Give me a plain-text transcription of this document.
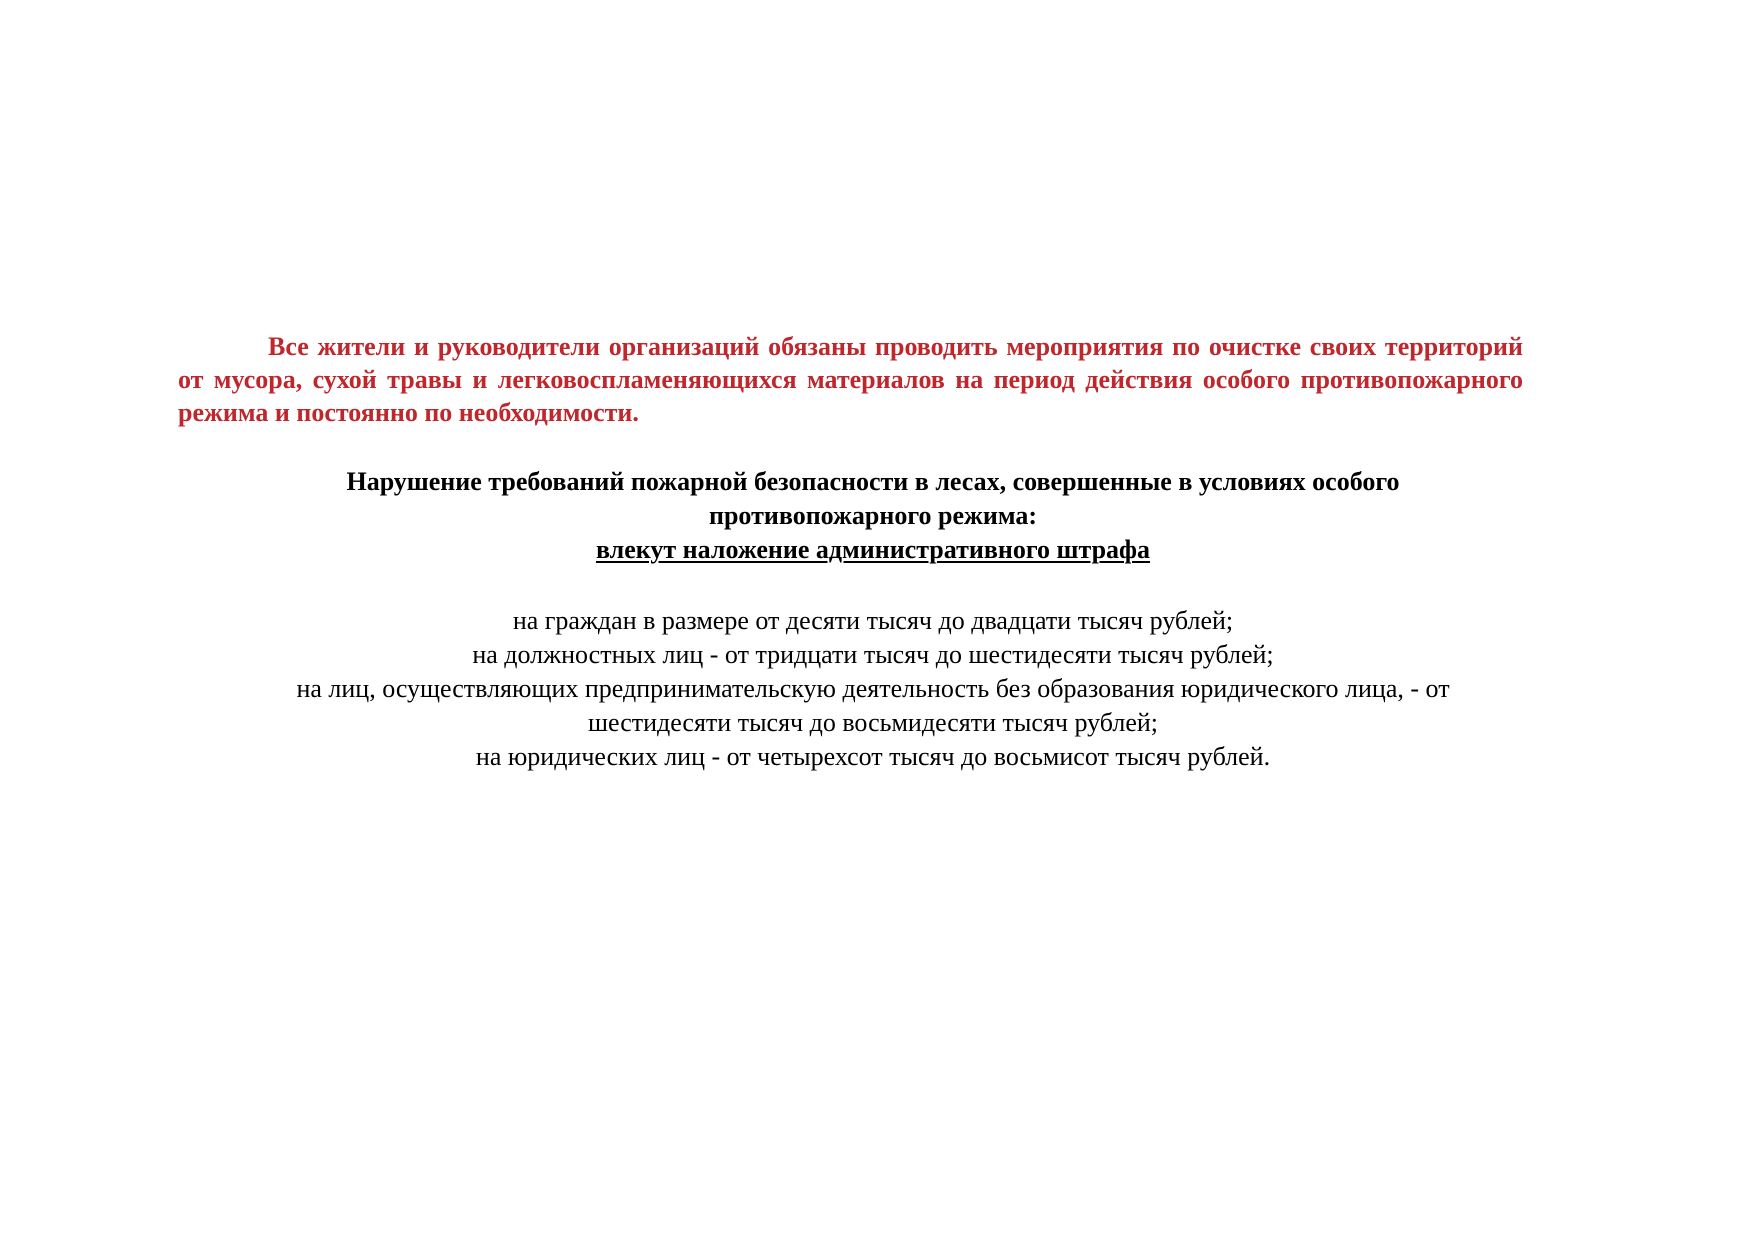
Все жители и руководители организаций обязаны проводить мероприятия по очистке своих территорий от мусора, сухой травы и легковоспламеняющихся материалов на период действия особого противопожарного режима и постоянно по необходимости.

Нарушение требований пожарной безопасности в лесах, совершенные в условиях особого
противопожарного режима:
влекут наложение административного штрафа
на граждан в размере от десяти тысяч до двадцати тысяч рублей;
на должностных лиц - от тридцати тысяч до шестидесяти тысяч рублей;
на лиц, осуществляющих предпринимательскую деятельность без образования юридического лица, - от
шестидесяти тысяч до восьмидесяти тысяч рублей;
на юридических лиц - от четырехсот тысяч до восьмисот тысяч рублей.
